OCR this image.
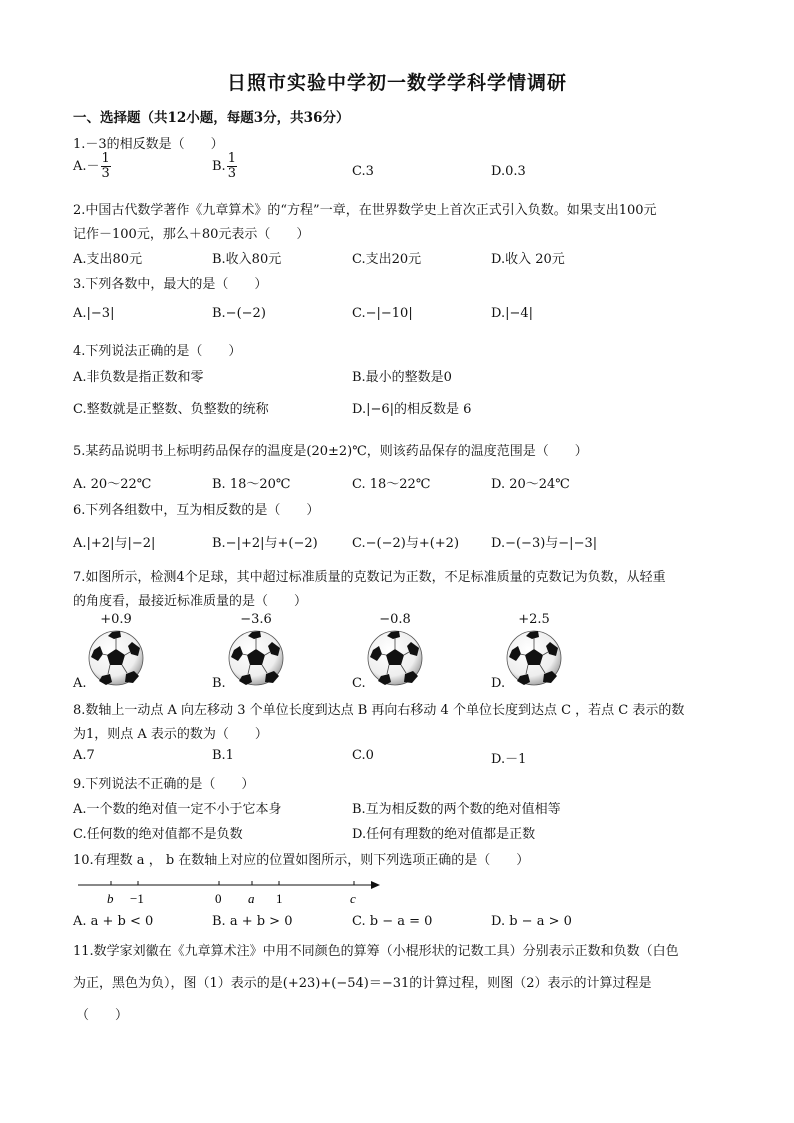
日照市实验中学初一数学学科学情调研
一、选择题（共12小题，每题3分，共36分）
1.－3的相反数是（　　）
$A.- \frac{1}{3}$	B. $\frac{1}{3}$	C.3	D.0.3
2.中国古代数学著作《九章算术》的“方程”一章，在世界数学史上首次正式引入负数。如果支出100元
记作－100元，那么＋80元表示（　　）
A.支出80元	B.收入80元	C.支出20元	D.收入 20元
3.下列各数中，最大的是（　　）
A.|−3|	B.−(−2)	C.−|−10|	D.|−4|
4.下列说法正确的是（　　）
A.非负数是指正数和零	B.最小的整数是0
C.整数就是正整数、负整数的统称	D.|−6|的相反数是 6
5.某药品说明书上标明药品保存的温度是(20±2)℃，则该药品保存的温度范围是（　　）
A. 20～22℃	B. 18～20℃	C. 18～22℃	D. 20～24℃
6.下列各组数中，互为相反数的是（　　）
A.|+2|与|−2|	B.−|+2|与+(−2)	C.−(−2)与+(+2) D.−(−3)与−|−3|
7.如图所示，检测4个足球，其中超过标准质量的克数记为正数，不足标准质量的克数记为负数，从轻重
的角度看，最接近标准质量的是（　　）
+0.9
A.
−3.6
B.
−0.8
C.
+2.5
D.
8.数轴上一动点 A 向左移动 3 个单位长度到达点 B 再向右移动 4 个单位长度到达点 C ，若点 C 表示的数
为1，则点 A 表示的数为（　　）
A.7	B.1	C.0	D.－1
9.下列说法不正确的是（　　）
A.一个数的绝对值一定不小于它本身	B.互为相反数的两个数的绝对值相等
C.任何数的绝对值都不是负数	D.任何有理数的绝对值都是正数
10.有理数 a ， b 在数轴上对应的位置如图所示，则下列选项正确的是（　　）
b −1	0 a 1	c
A. a + b < 0	B. a + b > 0	C. b − a = 0	D. b − a > 0
11.数学家刘徽在《九章算术注》中用不同颜色的算筹（小棍形状的记数工具）分别表示正数和负数（白色
为正，黑色为负），图（1）表示的是(+23)+(−54)＝−31的计算过程，则图（2）表示的计算过程是
（　　）
